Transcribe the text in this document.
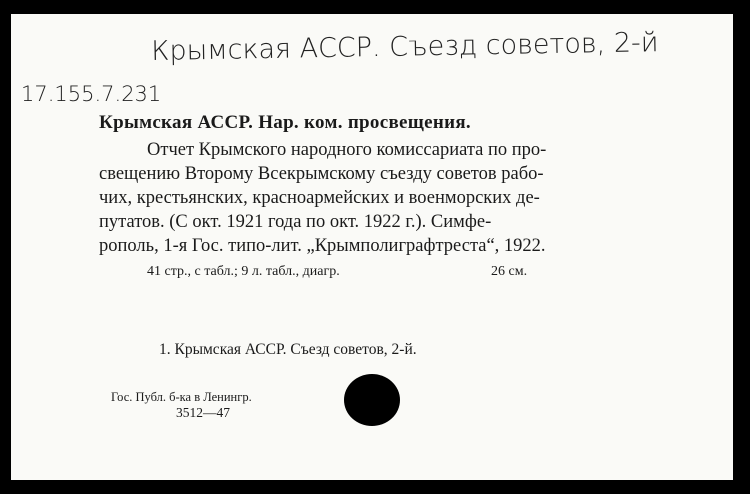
Крымская АССР. Съезд советов, 2-й
17.155.7.231
Крымская АССР. Нар. ком. просвещения.
Отчет Крымского народного комиссариата по про-
свещению Второму Всекрымскому съезду советов рабо-
чих, крестьянских, красноармейских и военморских де-
путатов. (С окт. 1921 года по окт. 1922 г.). Симфе-
рополь, 1-я Гос. типо-лит. „Крымполиграфтреста“, 1922.
41 стр., с табл.; 9 л. табл., диагр.	26 см.
1. Крымская АССР. Съезд советов, 2-й.
Гос. Публ. б-ка в Ленингр.
3512—47
